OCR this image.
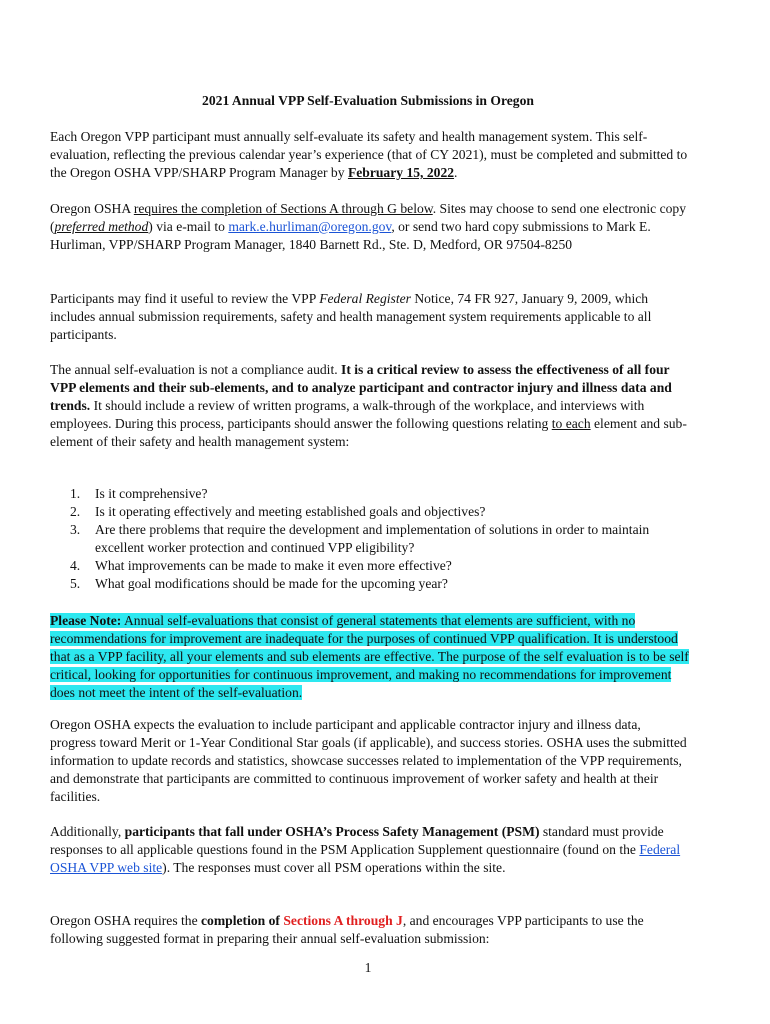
2021 Annual VPP Self-Evaluation Submissions in Oregon

Each Oregon VPP participant must annually self-evaluate its safety and health management system. This self-evaluation, reflecting the previous calendar year’s experience (that of CY 2021), must be completed and submitted to the Oregon OSHA VPP/SHARP Program Manager by February 15, 2022.

Oregon OSHA requires the completion of Sections A through G below. Sites may choose to send one electronic copy (preferred method) via e-mail to mark.e.hurliman@oregon.gov, or send two hard copy submissions to Mark E. Hurliman, VPP/SHARP Program Manager, 1840 Barnett Rd., Ste. D, Medford, OR 97504-8250

Participants may find it useful to review the VPP Federal Register Notice, 74 FR 927, January 9, 2009, which includes annual submission requirements, safety and health management system requirements applicable to all participants.

The annual self-evaluation is not a compliance audit. It is a critical review to assess the effectiveness of all four VPP elements and their sub-elements, and to analyze participant and contractor injury and illness data and trends. It should include a review of written programs, a walk-through of the workplace, and interviews with employees. During this process, participants should answer the following questions relating to each element and sub-element of their safety and health management system:

1. Is it comprehensive?
2. Is it operating effectively and meeting established goals and objectives?
3. Are there problems that require the development and implementation of solutions in order to maintain excellent worker protection and continued VPP eligibility?
4. What improvements can be made to make it even more effective?
5. What goal modifications should be made for the upcoming year?

Please Note: Annual self-evaluations that consist of general statements that elements are sufficient, with no recommendations for improvement are inadequate for the purposes of continued VPP qualification. It is understood that as a VPP facility, all your elements and sub elements are effective. The purpose of the self evaluation is to be self critical, looking for opportunities for continuous improvement, and making no recommendations for improvement does not meet the intent of the self-evaluation.

Oregon OSHA expects the evaluation to include participant and applicable contractor injury and illness data, progress toward Merit or 1-Year Conditional Star goals (if applicable), and success stories. OSHA uses the submitted information to update records and statistics, showcase successes related to implementation of the VPP requirements, and demonstrate that participants are committed to continuous improvement of worker safety and health at their facilities.

Additionally, participants that fall under OSHA’s Process Safety Management (PSM) standard must provide responses to all applicable questions found in the PSM Application Supplement questionnaire (found on the Federal OSHA VPP web site). The responses must cover all PSM operations within the site.

Oregon OSHA requires the completion of Sections A through J, and encourages VPP participants to use the following suggested format in preparing their annual self-evaluation submission:

1
